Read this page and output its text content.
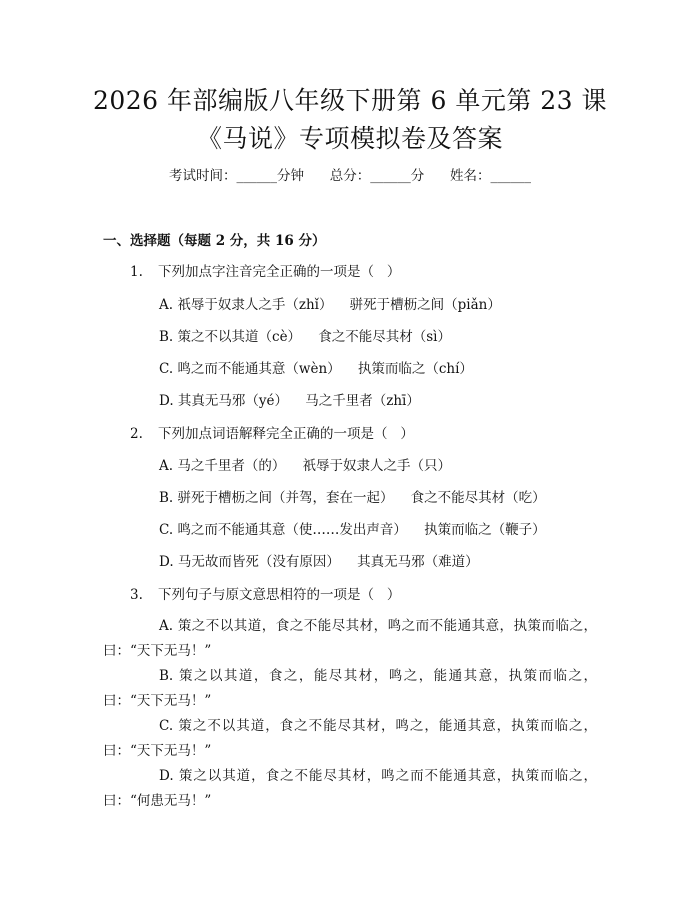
2026 年部编版八年级下册第 6 单元第 23 课
《马说》专项模拟卷及答案
考试时间：______分钟      总分：______分      姓名：______
一、选择题（每题 2 分，共 16 分）
1. 下列加点字注音完全正确的一项是（   ）
A. 祇辱于奴隶人之手（zhǐ）    骈死于槽枥之间（piǎn）
B. 策之不以其道（cè）    食之不能尽其材（sì）
C. 鸣之而不能通其意（wèn）    执策而临之（chí）
D. 其真无马邪（yé）    马之千里者（zhī）
2. 下列加点词语解释完全正确的一项是（   ）
A. 马之千里者（的）    祇辱于奴隶人之手（只）
B. 骈死于槽枥之间（并驾，套在一起）    食之不能尽其材（吃）
C. 鸣之而不能通其意（使……发出声音）    执策而临之（鞭子）
D. 马无故而皆死（没有原因）    其真无马邪（难道）
3. 下列句子与原文意思相符的一项是（   ）
A. 策之不以其道，食之不能尽其材，鸣之而不能通其意，执策而临之，曰：“天下无马！”
B. 策之以其道，食之，能尽其材，鸣之，能通其意，执策而临之，曰：“天下无马！”
C. 策之不以其道，食之不能尽其材，鸣之，能通其意，执策而临之，曰：“天下无马！”
D. 策之以其道，食之不能尽其材，鸣之而不能通其意，执策而临之，曰：“何患无马！”
